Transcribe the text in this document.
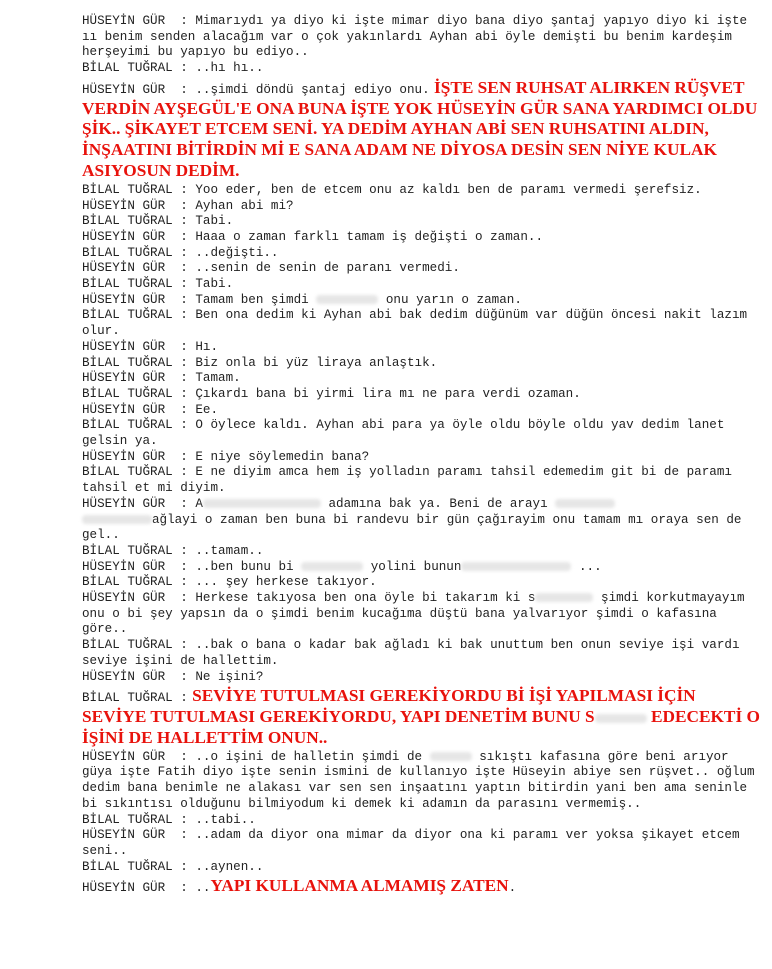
HÜSEYİN GÜR  : Mimarıydı ya diyo ki işte mimar diyo bana diyo şantaj yapıyo diyo ki işte ıı benim senden alacağım var o çok yakınlardı Ayhan abi öyle demişti bu benim kardeşim herşeyimi bu yapıyo bu ediyo..
BİLAL TUĞRAL : ..hı hı..
HÜSEYİN GÜR  : ..şimdi döndü şantaj ediyo onu. İŞTE SEN RUHSAT ALIRKEN RÜŞVET VERDİN AYŞEGÜL'E ONA BUNA İŞTE YOK HÜSEYİN GÜR SANA YARDIMCI OLDU ŞİK.. ŞİKAYET ETCEM SENİ. YA DEDİM AYHAN ABİ SEN RUHSATINI ALDIN, İNŞAATINI BİTİRDİN Mİ E SANA ADAM NE DİYOSA DESİN SEN NİYE KULAK ASIYOSUN DEDİM.
BİLAL TUĞRAL : Yoo eder, ben de etcem onu az kaldı ben de paramı vermedi şerefsiz.
HÜSEYİN GÜR  : Ayhan abi mi?
BİLAL TUĞRAL : Tabi.
HÜSEYİN GÜR  : Haaa o zaman farklı tamam iş değişti o zaman..
BİLAL TUĞRAL : ..değişti..
HÜSEYİN GÜR  : ..senin de senin de paranı vermedi.
BİLAL TUĞRAL : Tabi.
HÜSEYİN GÜR  : Tamam ben şimdi	onu yarın o zaman.
BİLAL TUĞRAL : Ben ona dedim ki Ayhan abi bak dedim düğünüm var düğün öncesi nakit lazım olur.
HÜSEYİN GÜR  : Hı.
BİLAL TUĞRAL : Biz onla bi yüz liraya anlaştık.
HÜSEYİN GÜR  : Tamam.
BİLAL TUĞRAL : Çıkardı bana bi yirmi lira mı ne para verdi ozaman.
HÜSEYİN GÜR  : Ee.
BİLAL TUĞRAL : O öylece kaldı. Ayhan abi para ya öyle oldu böyle oldu yav dedim lanet gelsin ya.
HÜSEYİN GÜR  : E niye söylemedin bana?
BİLAL TUĞRAL : E ne diyim amca hem iş yolladın paramı tahsil edemedim git bi de paramı tahsil et mi diyim.
HÜSEYİN GÜR  : A	adamına bak ya. Beni de arayı
ağlayi o zaman ben buna bi randevu bir gün çağırayim onu tamam mı oraya sen de gel..
BİLAL TUĞRAL : ..tamam..
HÜSEYİN GÜR  : ..ben bunu bi	yolini bunun	...
BİLAL TUĞRAL : ... şey herkese takıyor.
HÜSEYİN GÜR  : Herkese takıyosa ben ona öyle bi takarım ki s	şimdi korkutmayayım onu o bi şey yapsın da o şimdi benim kucağıma düştü bana yalvarıyor şimdi o kafasına göre..
BİLAL TUĞRAL : ..bak o bana o kadar bak ağladı ki bak unuttum ben onun seviye işi vardı seviye işini de hallettim.
HÜSEYİN GÜR  : Ne işini?
BİLAL TUĞRAL : SEVİYE TUTULMASI GEREKİYORDU Bİ İŞİ YAPILMASI İÇİN SEVİYE TUTULMASI GEREKİYORDU, YAPI DENETİM BUNU S	EDECEKTİ O İŞİNİ DE HALLETTİM ONUN..
HÜSEYİN GÜR  : ..o işini de halletin şimdi de	sıkıştı kafasına göre beni arıyor güya işte Fatih diyo işte senin ismini de kullanıyo işte Hüseyin abiye sen rüşvet.. oğlum dedim bana benimle ne alakası var sen sen inşaatını yaptın bitirdin yani ben ama seninle bi sıkıntısı olduğunu bilmiyodum ki demek ki adamın da parasını vermemiş..
BİLAL TUĞRAL : ..tabi..
HÜSEYİN GÜR  : ..adam da diyor ona mimar da diyor ona ki paramı ver yoksa şikayet etcem seni..
BİLAL TUĞRAL : ..aynen..
HÜSEYİN GÜR  : ..YAPI KULLANMA ALMAMIŞ ZATEN.
